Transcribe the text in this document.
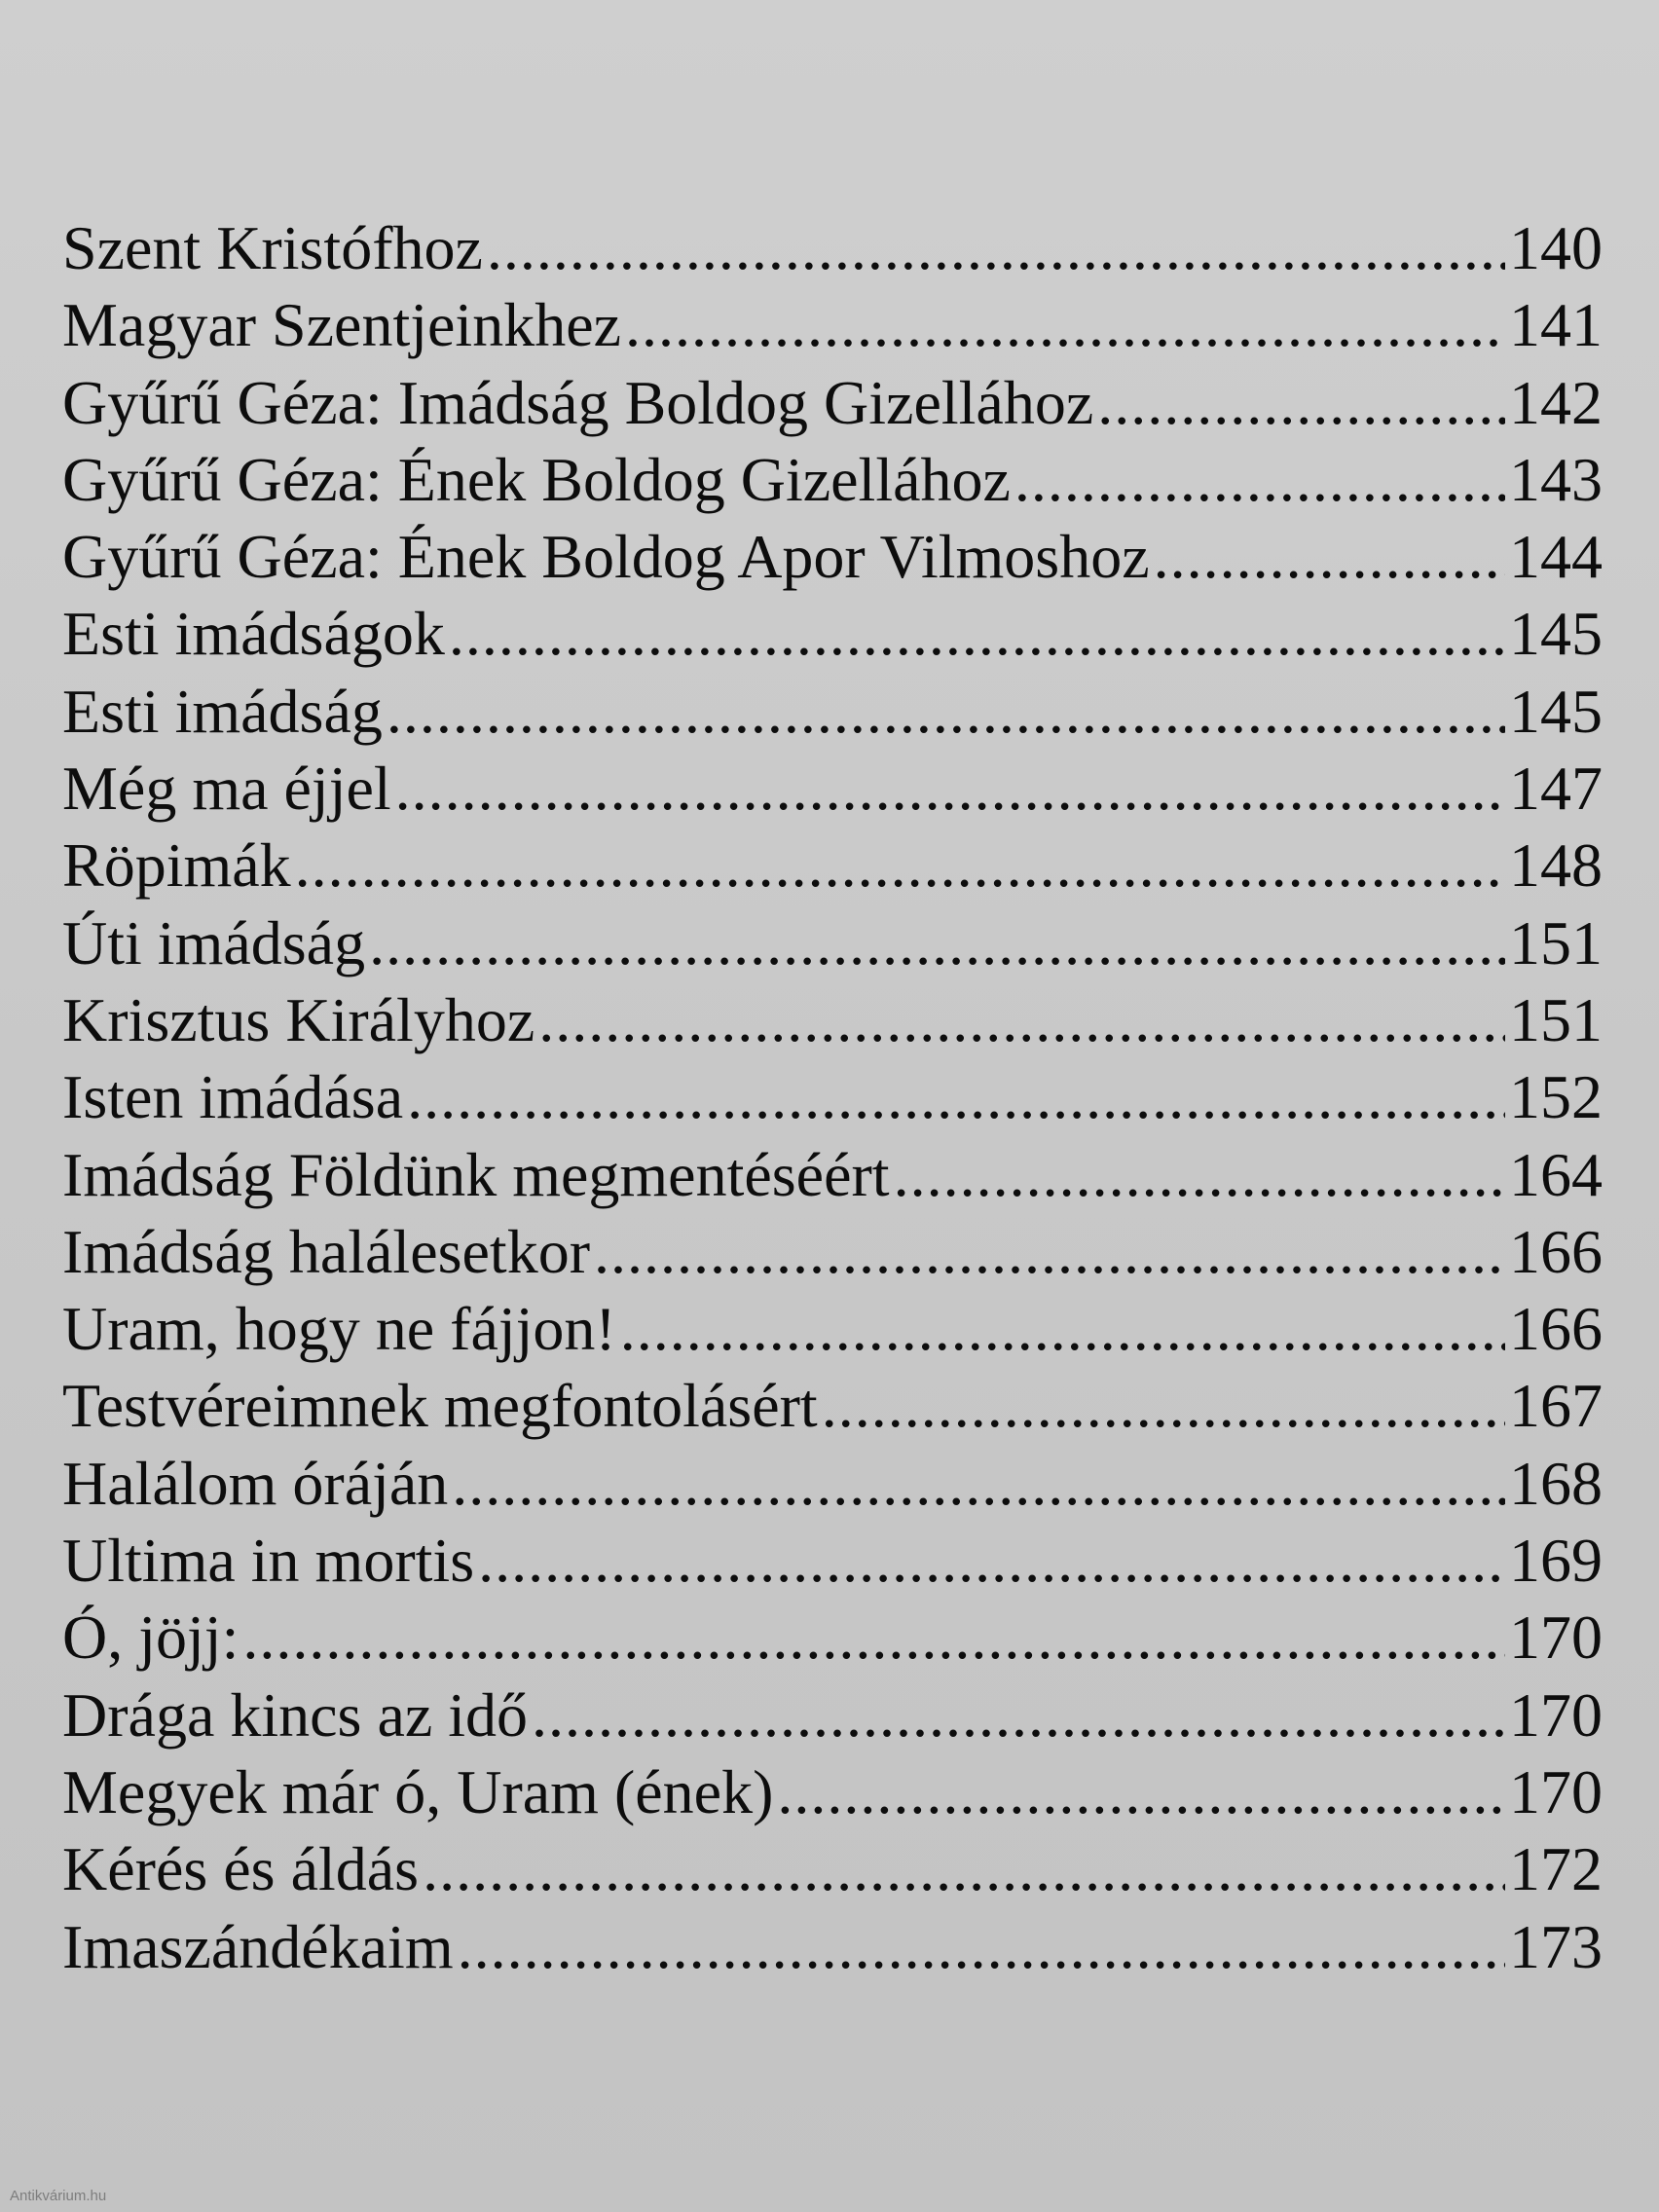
Szent Kristófhoz .....	140
Magyar Szentjeinkhez .....	141
Gyűrű Géza: Imádság Boldog Gizellához .....	142
Gyűrű Géza: Ének Boldog Gizellához .....	143
Gyűrű Géza: Ének Boldog Apor Vilmoshoz .....	144
Esti imádságok .....	145
Esti imádság .....	145
Még ma éjjel .....	147
Röpimák .....	148
Úti imádság .....	151
Krisztus Királyhoz .....	151
Isten imádása .....	152
Imádság Földünk megmentéséért .....	164
Imádság halálesetkor .....	166
Uram, hogy ne fájjon! .....	166
Testvéreimnek megfontolásért .....	167
Halálom óráján .....	168
Ultima in mortis .....	169
Ó, jöjj: .....	170
Drága kincs az idő .....	170
Megyek már ó, Uram (ének) .....	170
Kérés és áldás .....	172
Imaszándékaim .....	173
Antikvárium.hu
